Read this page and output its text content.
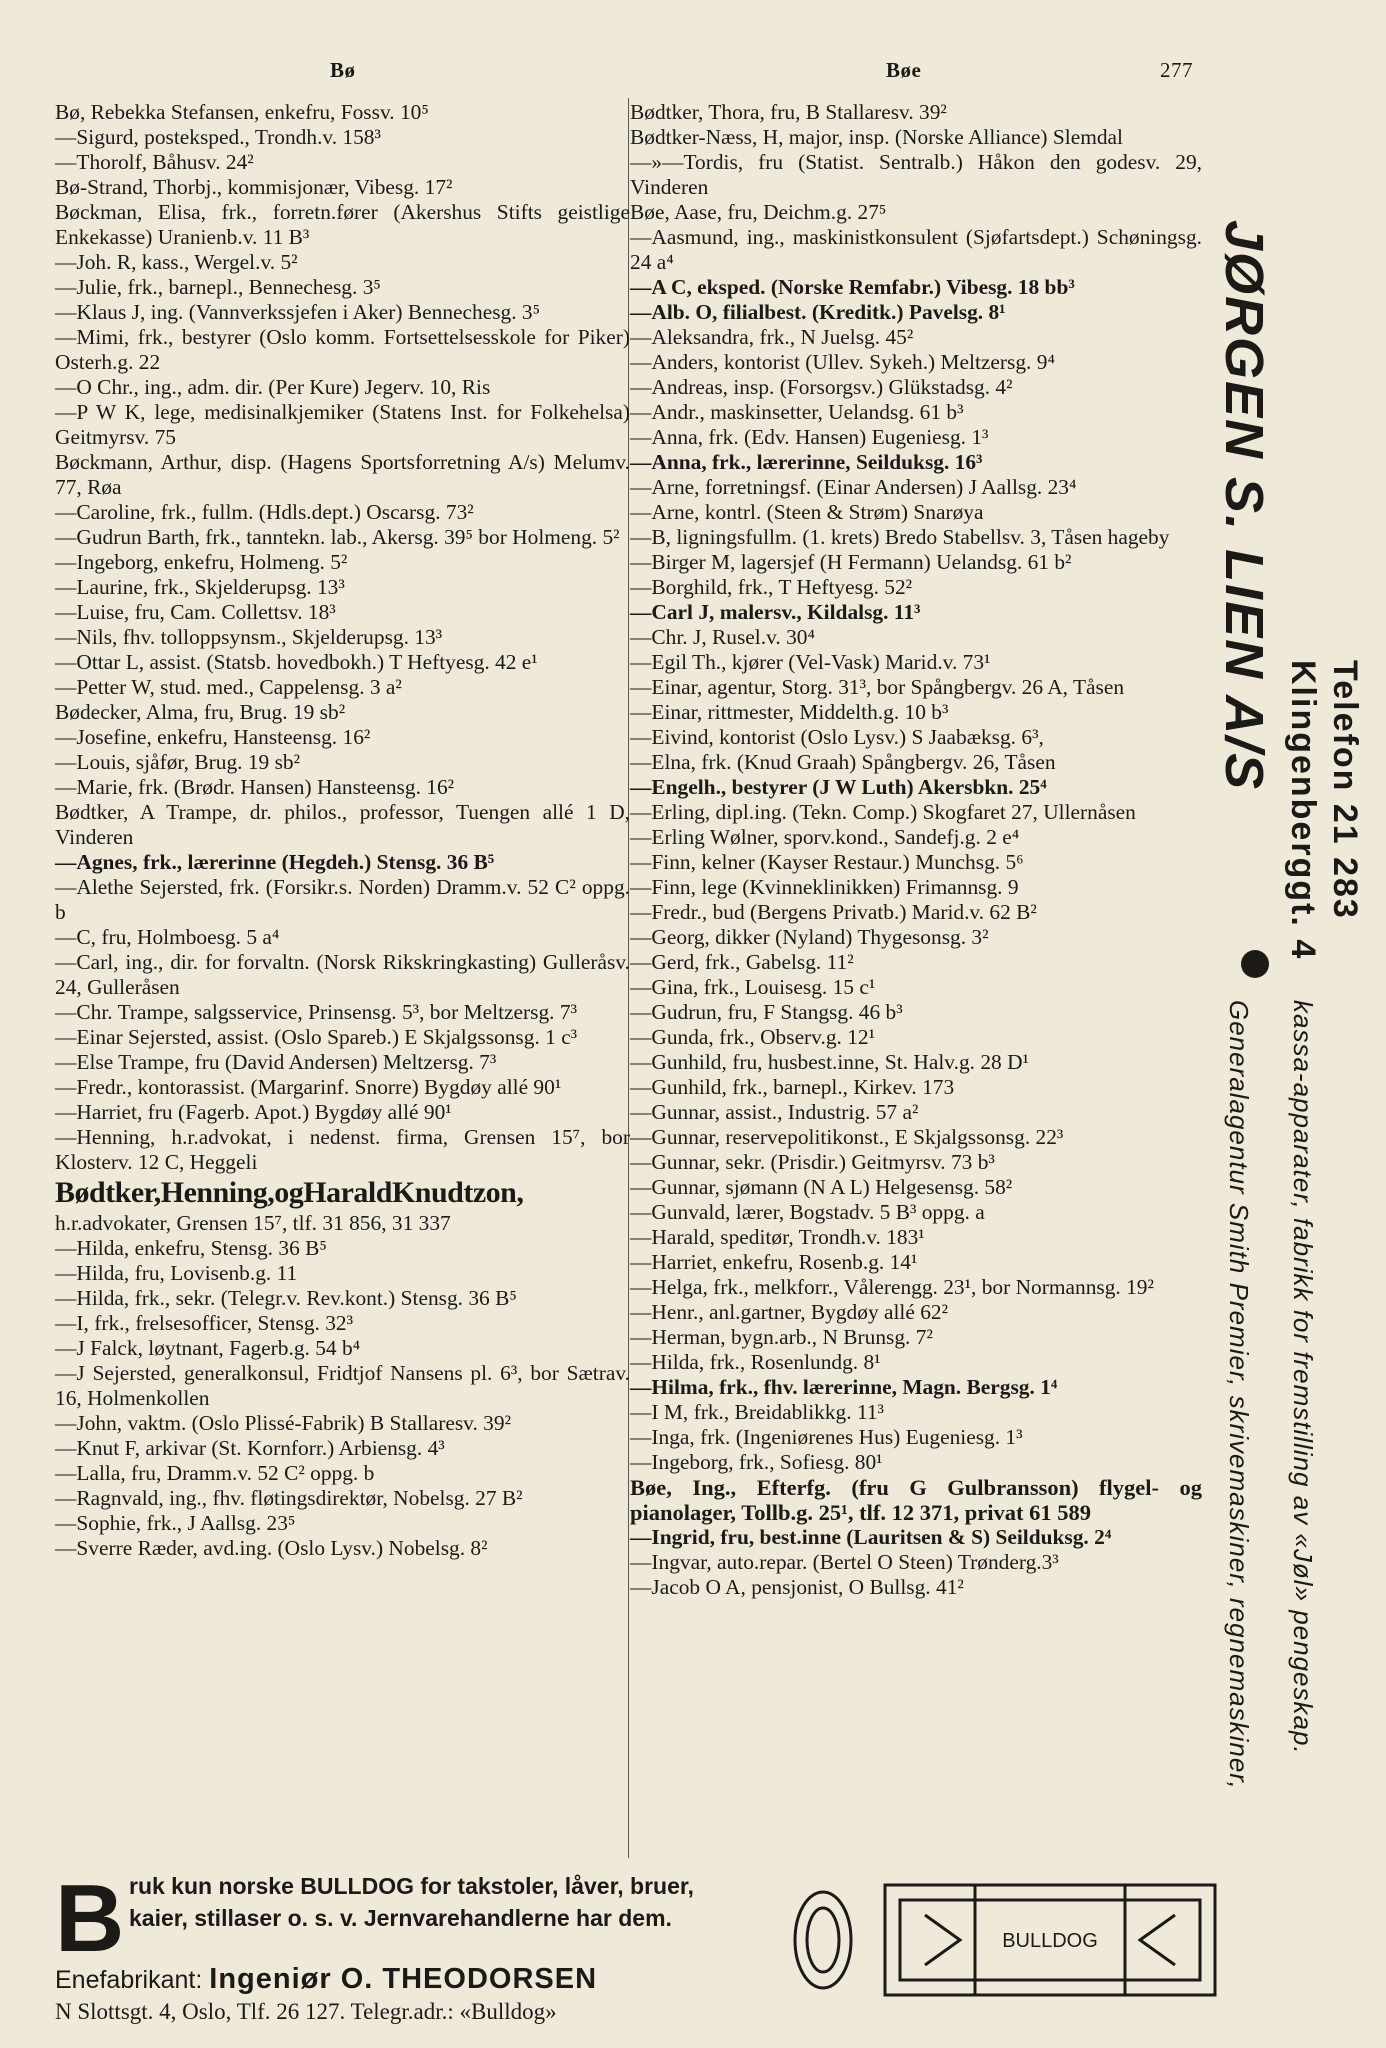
Bø	Bøe	277
Bø, Rebekka Stefansen, enkefru, Fossv. 10⁵
—Sigurd, posteksped., Trondh.v. 158³
—Thorolf, Båhusv. 24²
Bø-Strand, Thorbj., kommisjonær, Vibesg. 17²
Bøckman, Elisa, frk., forretn.fører (Akershus Stifts geistlige Enkekasse) Uranienb.v. 11 B³
—Joh. R, kass., Wergel.v. 5²
—Julie, frk., barnepl., Bennechesg. 3⁵
—Klaus J, ing. (Vannverkssjefen i Aker) Bennechesg. 3⁵
—Mimi, frk., bestyrer (Oslo komm. Fortsettelsesskole for Piker) Osterh.g. 22
—O Chr., ing., adm. dir. (Per Kure) Jegerv. 10, Ris
—P W K, lege, medisinalkjemiker (Statens Inst. for Folkehelsa) Geitmyrsv. 75
Bøckmann, Arthur, disp. (Hagens Sportsforretning A/s) Melumv. 77, Røa
—Caroline, frk., fullm. (Hdls.dept.) Oscarsg. 73²
—Gudrun Barth, frk., tanntekn. lab., Akersg. 39⁵ bor Holmeng. 5²
—Ingeborg, enkefru, Holmeng. 5²
—Laurine, frk., Skjelderupsg. 13³
—Luise, fru, Cam. Collettsv. 18³
—Nils, fhv. tolloppsynsm., Skjelderupsg. 13³
—Ottar L, assist. (Statsb. hovedbokh.) T Heftyesg. 42 e¹
—Petter W, stud. med., Cappelensg. 3 a²
Bødecker, Alma, fru, Brug. 19 sb²
—Josefine, enkefru, Hansteensg. 16²
—Louis, sjåfør, Brug. 19 sb²
—Marie, frk. (Brødr. Hansen) Hansteensg. 16²
Bødtker, A Trampe, dr. philos., professor, Tuengen allé 1 D, Vinderen
—Agnes, frk., lærerinne (Hegdeh.) Stensg. 36 B⁵
—Alethe Sejersted, frk. (Forsikr.s. Norden) Dramm.v. 52 C² oppg. b
—C, fru, Holmboesg. 5 a⁴
—Carl, ing., dir. for forvaltn. (Norsk Rikskringkasting) Gulleråsv. 24, Gulleråsen
—Chr. Trampe, salgsservice, Prinsensg. 5³, bor Meltzersg. 7³
—Einar Sejersted, assist. (Oslo Spareb.) E Skjalgssonsg. 1 c³
—Else Trampe, fru (David Andersen) Meltzersg. 7³
—Fredr., kontorassist. (Margarinf. Snorre) Bygdøy allé 90¹
—Harriet, fru (Fagerb. Apot.) Bygdøy allé 90¹
—Henning, h.r.advokat, i nedenst. firma, Grensen 15⁷, bor Klosterv. 12 C, Heggeli
Bødtker,Henning,ogHaraldKnudtzon,
h.r.advokater, Grensen 15⁷, tlf. 31 856, 31 337
—Hilda, enkefru, Stensg. 36 B⁵
—Hilda, fru, Lovisenb.g. 11
—Hilda, frk., sekr. (Telegr.v. Rev.kont.) Stensg. 36 B⁵
—I, frk., frelsesofficer, Stensg. 32³
—J Falck, løytnant, Fagerb.g. 54 b⁴
—J Sejersted, generalkonsul, Fridtjof Nansens pl. 6³, bor Sætrav. 16, Holmenkollen
—John, vaktm. (Oslo Plissé-Fabrik) B Stallaresv. 39²
—Knut F, arkivar (St. Kornforr.) Arbiensg. 4³
—Lalla, fru, Dramm.v. 52 C² oppg. b
—Ragnvald, ing., fhv. fløtingsdirektør, Nobelsg. 27 B²
—Sophie, frk., J Aallsg. 23⁵
—Sverre Ræder, avd.ing. (Oslo Lysv.) Nobelsg. 8²
Bødtker, Thora, fru, B Stallaresv. 39²
Bødtker-Næss, H, major, insp. (Norske Alliance) Slemdal
—»—Tordis, fru (Statist. Sentralb.) Håkon den godesv. 29, Vinderen
Bøe, Aase, fru, Deichm.g. 27⁵
—Aasmund, ing., maskinistkonsulent (Sjøfartsdept.) Schøningsg. 24 a⁴
—A C, eksped. (Norske Remfabr.) Vibesg. 18 bb³
—Alb. O, filialbest. (Kreditk.) Pavelsg. 8¹
—Aleksandra, frk., N Juelsg. 45²
—Anders, kontorist (Ullev. Sykeh.) Meltzersg. 9⁴
—Andreas, insp. (Forsorgsv.) Glükstadsg. 4²
—Andr., maskinsetter, Uelandsg. 61 b³
—Anna, frk. (Edv. Hansen) Eugeniesg. 1³
—Anna, frk., lærerinne, Seilduksg. 16³
—Arne, forretningsf. (Einar Andersen) J Aallsg. 23⁴
—Arne, kontrl. (Steen & Strøm) Snarøya
—B, ligningsfullm. (1. krets) Bredo Stabellsv. 3, Tåsen hageby
—Birger M, lagersjef (H Fermann) Uelandsg. 61 b²
—Borghild, frk., T Heftyesg. 52²
—Carl J, malersv., Kildalsg. 11³
—Chr. J, Rusel.v. 30⁴
—Egil Th., kjører (Vel-Vask) Marid.v. 73¹
—Einar, agentur, Storg. 31³, bor Spångbergv. 26 A, Tåsen
—Einar, rittmester, Middelth.g. 10 b³
—Eivind, kontorist (Oslo Lysv.) S Jaabæksg. 6³,
—Elna, frk. (Knud Graah) Spångbergv. 26, Tåsen
—Engelh., bestyrer (J W Luth) Akersbkn. 25⁴
—Erling, dipl.ing. (Tekn. Comp.) Skogfaret 27, Ullernåsen
—Erling Wølner, sporv.kond., Sandefj.g. 2 e⁴
—Finn, kelner (Kayser Restaur.) Munchsg. 5⁶
—Finn, lege (Kvinneklinikken) Frimannsg. 9
—Fredr., bud (Bergens Privatb.) Marid.v. 62 B²
—Georg, dikker (Nyland) Thygesonsg. 3²
—Gerd, frk., Gabelsg. 11²
—Gina, frk., Louisesg. 15 c¹
—Gudrun, fru, F Stangsg. 46 b³
—Gunda, frk., Observ.g. 12¹
—Gunhild, fru, husbest.inne, St. Halv.g. 28 D¹
—Gunhild, frk., barnepl., Kirkev. 173
—Gunnar, assist., Industrig. 57 a²
—Gunnar, reservepolitikonst., E Skjalgssonsg. 22³
—Gunnar, sekr. (Prisdir.) Geitmyrsv. 73 b³
—Gunnar, sjømann (N A L) Helgesensg. 58²
—Gunvald, lærer, Bogstadv. 5 B³ oppg. a
—Harald, speditør, Trondh.v. 183¹
—Harriet, enkefru, Rosenb.g. 14¹
—Helga, frk., melkforr., Vålerengg. 23¹, bor Normannsg. 19²
—Henr., anl.gartner, Bygdøy allé 62²
—Herman, bygn.arb., N Brunsg. 7²
—Hilda, frk., Rosenlundg. 8¹
—Hilma, frk., fhv. lærerinne, Magn. Bergsg. 1⁴
—I M, frk., Breidablikkg. 11³
—Inga, frk. (Ingeniørenes Hus) Eugeniesg. 1³
—Ingeborg, frk., Sofiesg. 80¹
Bøe, Ing., Efterfg. (fru G Gulbransson) flygel- og pianolager, Tollb.g. 25¹, tlf. 12 371, privat 61 589
—Ingrid, fru, best.inne (Lauritsen & S) Seilduksg. 2⁴
—Ingvar, auto.repar. (Bertel O Steen) Trønderg.3³
—Jacob O A, pensjonist, O Bullsg. 41²
JØRGEN S. LIEN A/S
Klingenberggt. 4 Telefon 21 283
Generalagentur Smith Premier, skrivemaskiner, regnemaskiner, kassa-apparater, fabrikk for fremstilling av «Jøl» pengeskap.
B ruk kun norske BULLDOG for takstoler, låver, bruer,
kaier, stillaser o. s. v. Jernvarehandlerne har dem.
Enefabrikant: Ingeniør O. THEODORSEN
N Slottsgt. 4, Oslo, Tlf. 26 127. Telegr.adr.: «Bulldog»
BULLDOG
